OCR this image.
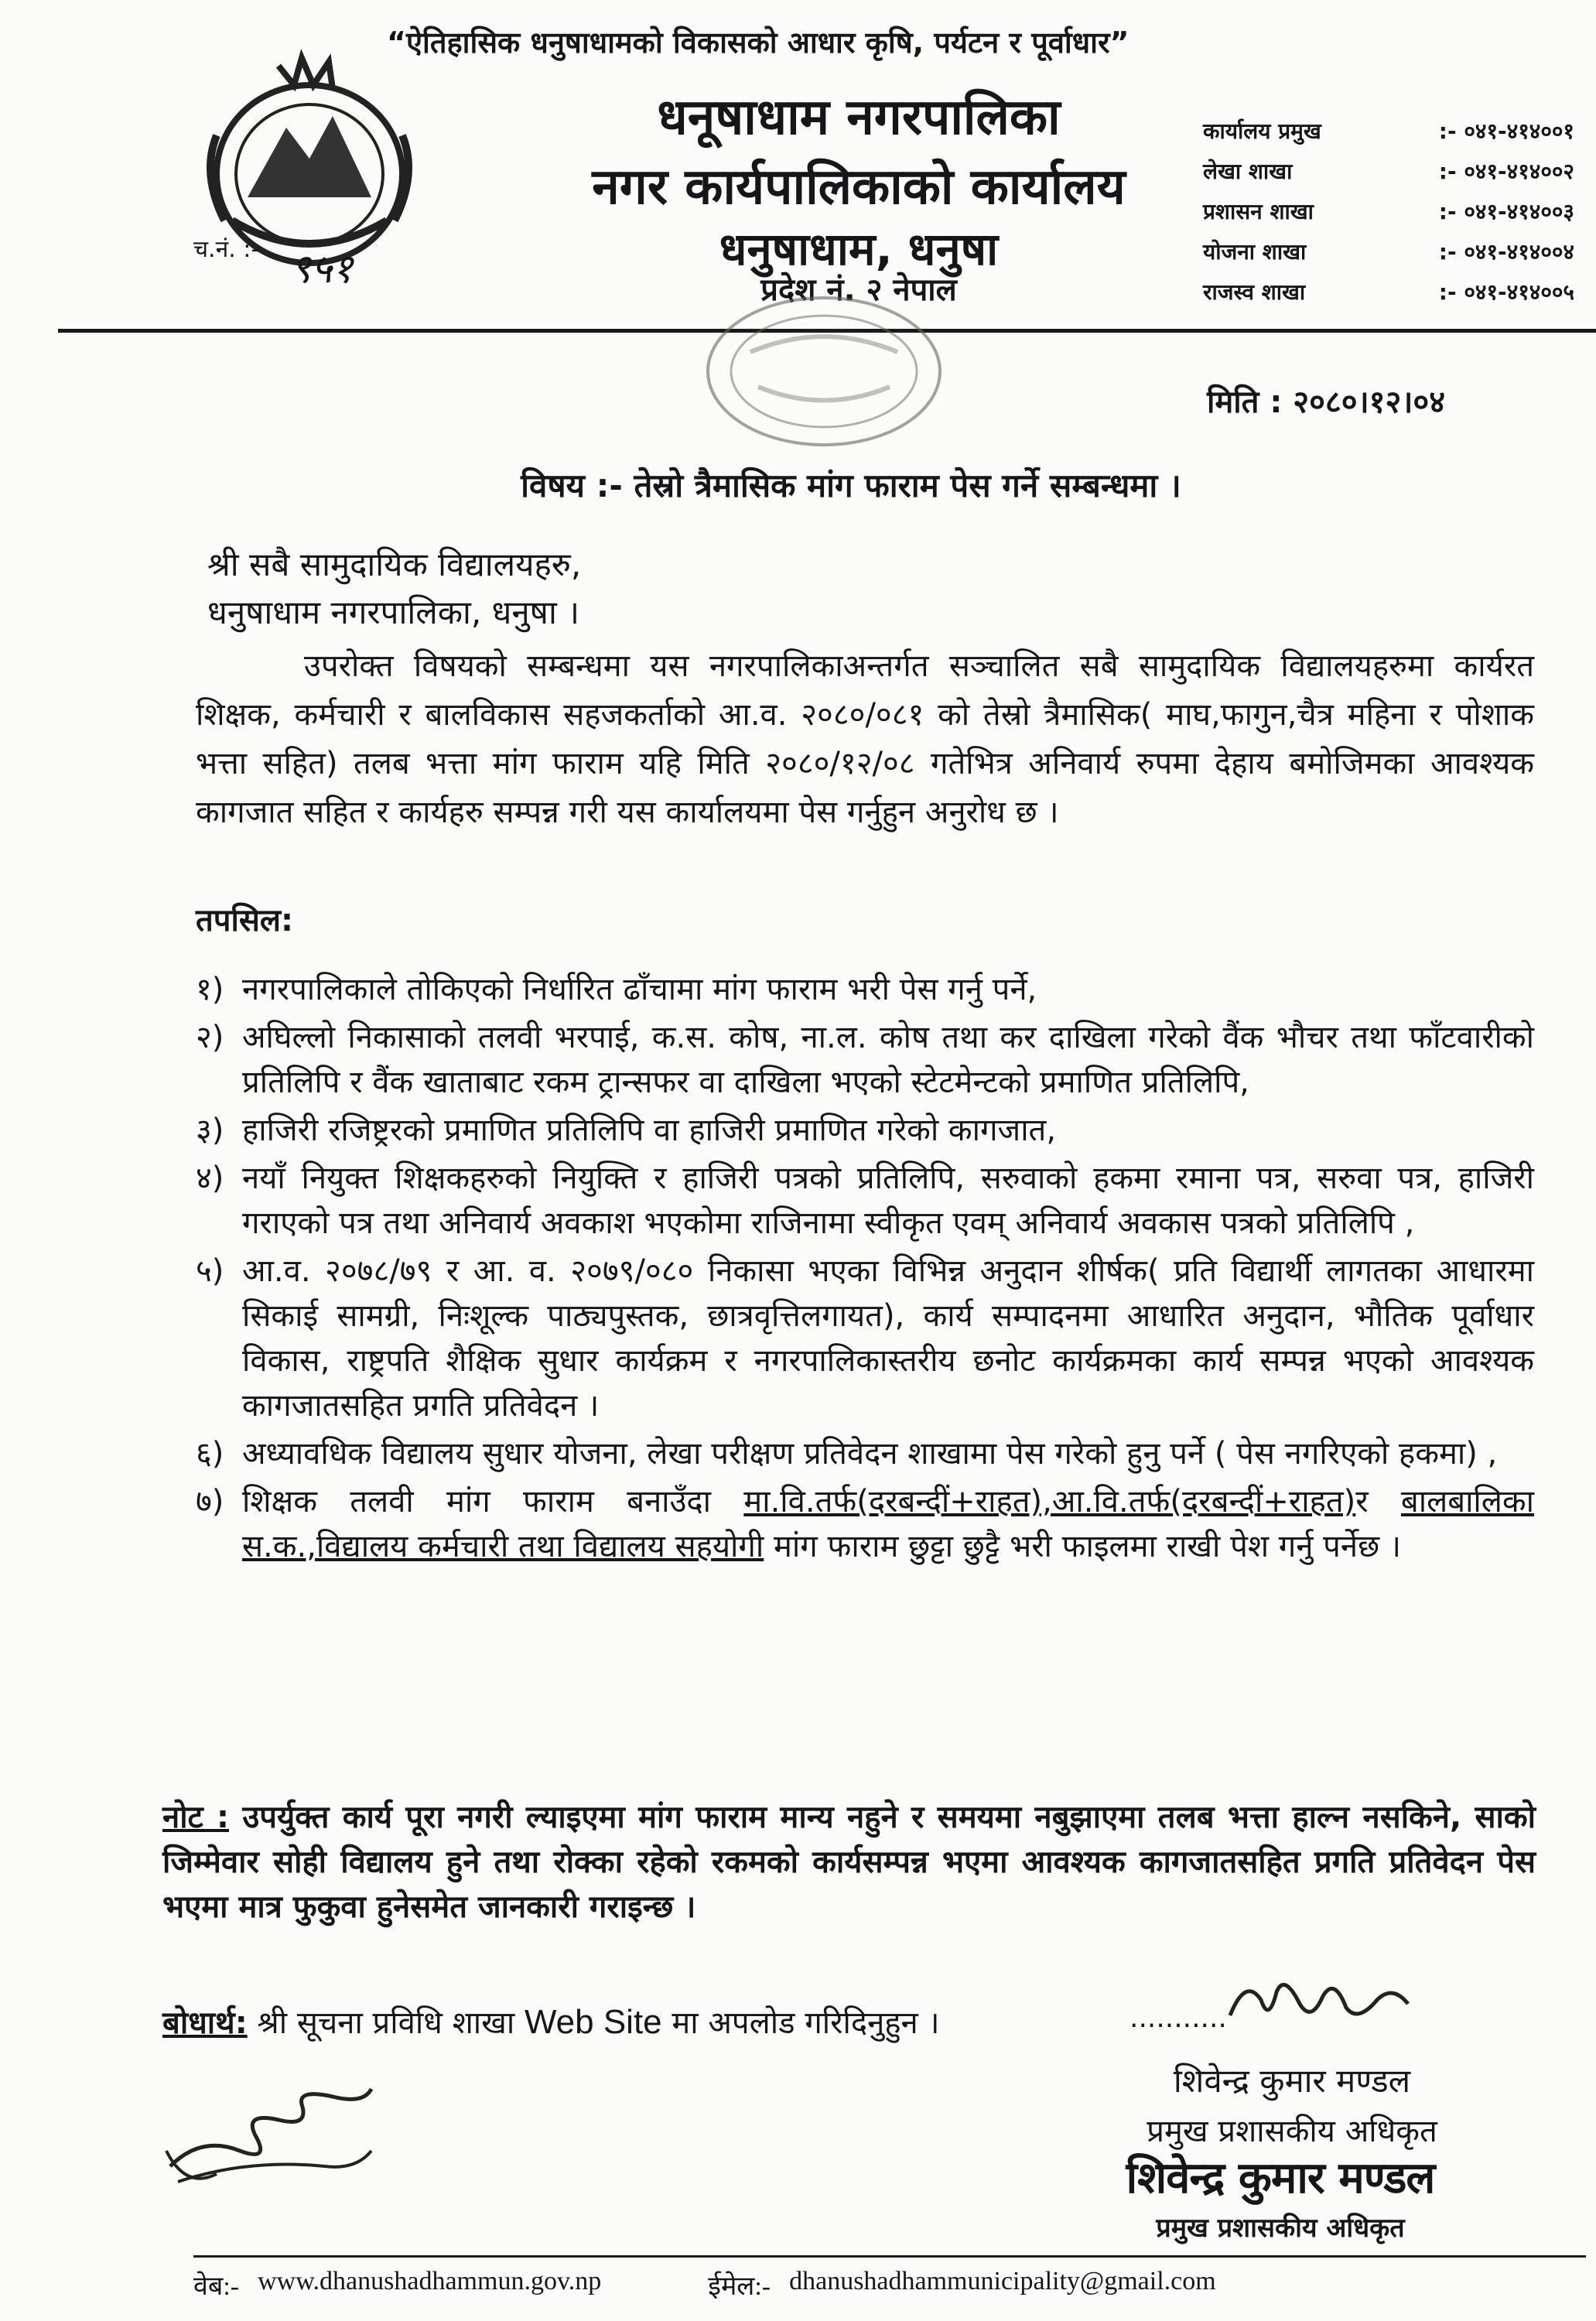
च.नं. :- ९५१
“ऐतिहासिक धनुषाधामको विकासको आधार कृषि, पर्यटन र पूर्वाधार”
धनूषाधाम नगरपालिका
नगर कार्यपालिकाको कार्यालय
धनुषाधाम, धनुषा
प्रदेश नं. २ नेपाल
कार्यालय प्रमुख	:- ०४१-४१४००१
लेखा शाखा	:- ०४१-४१४००२
प्रशासन शाखा	:- ०४१-४१४००३
योजना शाखा	:- ०४१-४१४००४
राजस्व शाखा	:- ०४१-४१४००५
मिति : २०८०।१२।०४
विषय :- तेस्रो त्रैमासिक मांग फाराम पेस गर्ने सम्बन्धमा ।
श्री सबै सामुदायिक विद्यालयहरु,
धनुषाधाम नगरपालिका, धनुषा ।
उपरोक्त विषयको सम्बन्धमा यस नगरपालिकाअन्तर्गत सञ्चालित सबै सामुदायिक विद्यालयहरुमा कार्यरत शिक्षक, कर्मचारी र बालविकास सहजकर्ताको आ.व. २०८०/०८१ को तेस्रो त्रैमासिक( माघ,फागुन,चैत्र महिना र पोशाक भत्ता सहित) तलब भत्ता मांग फाराम यहि मिति २०८०/१२/०८ गतेभित्र अनिवार्य रुपमा देहाय बमोजिमका आवश्यक कागजात सहित र कार्यहरु सम्पन्न गरी यस कार्यालयमा पेस गर्नुहुन अनुरोध छ ।
तपसिल:
१) नगरपालिकाले तोकिएको निर्धारित ढाँचामा मांग फाराम भरी पेस गर्नु पर्ने,
२) अघिल्लो निकासाको तलवी भरपाई, क.स. कोष, ना.ल. कोष तथा कर दाखिला गरेको वैंक भौचर तथा फाँटवारीको प्रतिलिपि र वैंक खाताबाट रकम ट्रान्सफर वा दाखिला भएको स्टेटमेन्टको प्रमाणित प्रतिलिपि,
३) हाजिरी रजिष्ट्ररको प्रमाणित प्रतिलिपि वा हाजिरी प्रमाणित गरेको कागजात,
४) नयाँ नियुक्त शिक्षकहरुको नियुक्ति र हाजिरी पत्रको प्रतिलिपि, सरुवाको हकमा रमाना पत्र, सरुवा पत्र, हाजिरी गराएको पत्र तथा अनिवार्य अवकाश भएकोमा राजिनामा स्वीकृत एवम् अनिवार्य अवकास पत्रको प्रतिलिपि ,
५) आ.व. २०७८/७९ र आ. व. २०७९/०८० निकासा भएका विभिन्न अनुदान शीर्षक( प्रति विद्यार्थी लागतका आधारमा सिकाई सामग्री, निःशूल्क पाठ्यपुस्तक, छात्रवृत्तिलगायत), कार्य सम्पादनमा आधारित अनुदान, भौतिक पूर्वाधार विकास, राष्ट्रपति शैक्षिक सुधार कार्यक्रम र नगरपालिकास्तरीय छनोट कार्यक्रमका कार्य सम्पन्न भएको आवश्यक कागजातसहित प्रगति प्रतिवेदन ।
६) अध्यावधिक विद्यालय सुधार योजना, लेखा परीक्षण प्रतिवेदन शाखामा पेस गरेको हुनु पर्ने ( पेस नगरिएको हकमा) ,
७) शिक्षक तलवी मांग फाराम बनाउँदा मा.वि.तर्फ(दरबन्दीं+राहत),आ.वि.तर्फ(दरबन्दीं+राहत)र बालबालिका स.क.,विद्यालय कर्मचारी तथा विद्यालय सहयोगी मांग फाराम छुट्टा छुट्टै भरी फाइलमा राखी पेश गर्नु पर्नेछ ।
नोट : उपर्युक्त कार्य पूरा नगरी ल्याइएमा मांग फाराम मान्य नहुने र समयमा नबुझाएमा तलब भत्ता हाल्न नसकिने, साको जिम्मेवार सोही विद्यालय हुने तथा रोक्का रहेको रकमको कार्यसम्पन्न भएमा आवश्यक कागजातसहित प्रगति प्रतिवेदन पेस भएमा मात्र फुकुवा हुनेसमेत जानकारी गराइन्छ ।
बोधार्थ: श्री सूचना प्रविधि शाखा Web Site मा अपलोड गरिदिनुहुन ।	...........
शिवेन्द्र कुमार मण्डल
प्रमुख प्रशासकीय अधिकृत
शिवेन्द्र कुमार मण्डल
प्रमुख प्रशासकीय अधिकृत
वेब:- www.dhanushadhammun.gov.np	ईमेल:- dhanushadhammunicipality@gmail.com
